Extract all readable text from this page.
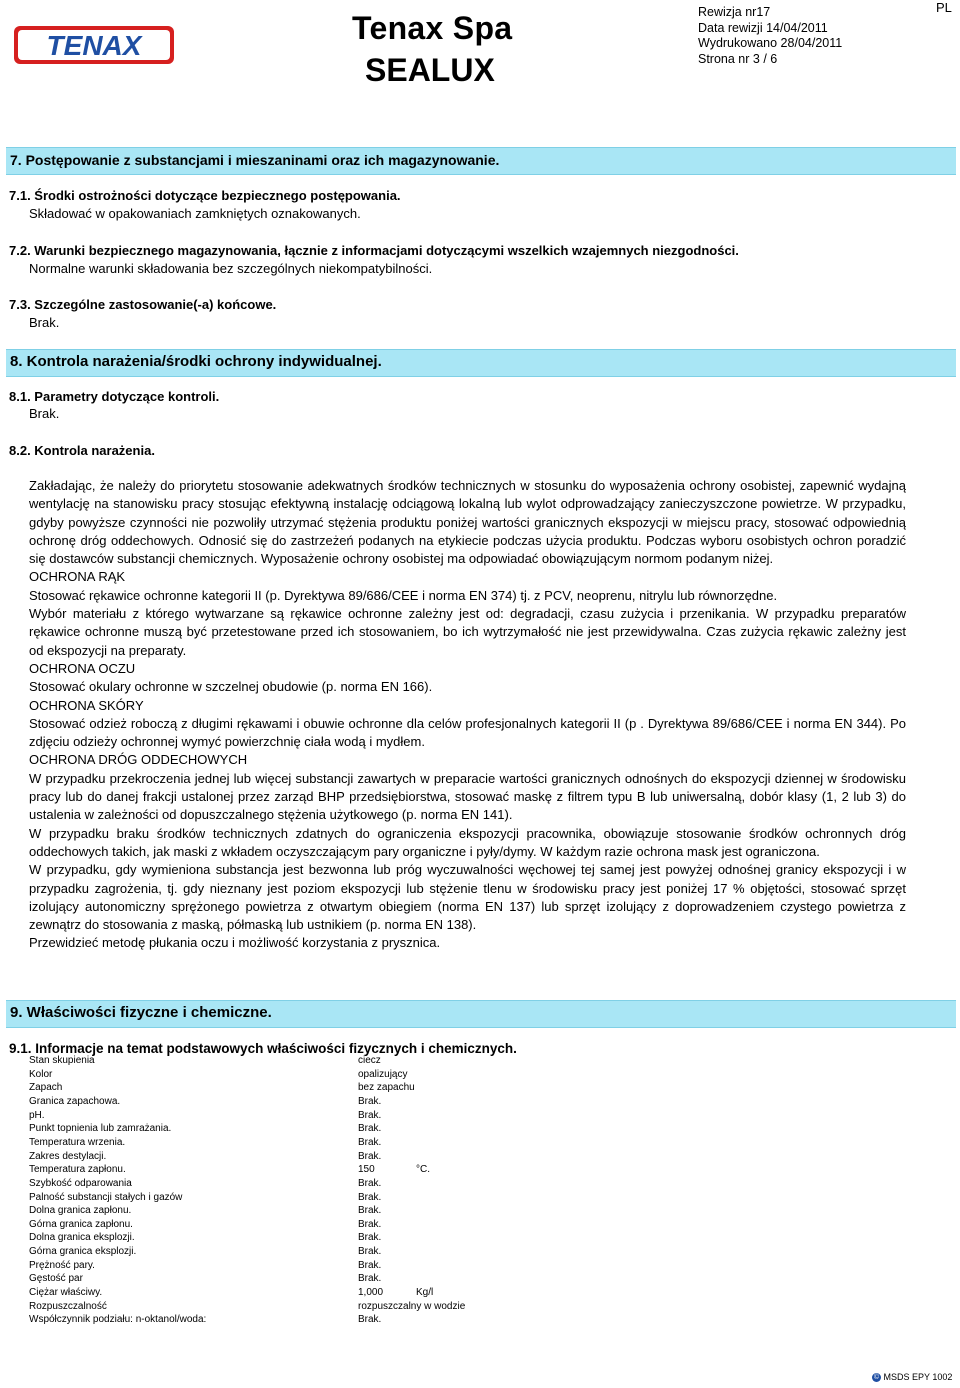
TENAX	Tenax Spa
SEALUX
Rewizja nr17
Data rewizji 14/04/2011
Wydrukowano 28/04/2011
Strona nr 3 / 6
PL
7. Postępowanie z substancjami i mieszaninami oraz ich magazynowanie.
7.1. Środki ostrożności dotyczące bezpiecznego postępowania.
Składować w opakowaniach zamkniętych oznakowanych.
7.2. Warunki bezpiecznego magazynowania, łącznie z informacjami dotyczącymi wszelkich wzajemnych niezgodności.
Normalne warunki składowania bez szczególnych niekompatybilności.
7.3. Szczególne zastosowanie(-a) końcowe.
Brak.
8. Kontrola narażenia/środki ochrony indywidualnej.
8.1. Parametry dotyczące kontroli.
Brak.
8.2. Kontrola narażenia.

Zakładając, że należy do priorytetu stosowanie adekwatnych środków technicznych w stosunku do wyposażenia ochrony osobistej, zapewnić wydajną wentylację na stanowisku pracy stosując efektywną instalację odciągową lokalną lub wylot odprowadzający zanieczyszczone powietrze. W przypadku, gdyby powyższe czynności nie pozwoliły utrzymać stężenia produktu poniżej wartości granicznych ekspozycji w miejscu pracy, stosować odpowiednią ochronę dróg oddechowych. Odnosić się do zastrzeżeń podanych na etykiecie podczas użycia produktu. Podczas wyboru osobistych ochron poradzić się dostawców substancji chemicznych. Wyposażenie ochrony osobistej ma odpowiadać obowiązującym normom podanym niżej.

OCHRONA RĄK

Stosować rękawice ochronne kategorii II (p. Dyrektywa 89/686/CEE i norma EN 374) tj. z PCV, neoprenu, nitrylu lub równorzędne.

Wybór materiału z którego wytwarzane są rękawice ochronne zależny jest od: degradacji, czasu zużycia i przenikania. W przypadku preparatów rękawice ochronne muszą być przetestowane przed ich stosowaniem, bo ich wytrzymałość nie jest przewidywalna. Czas zużycia rękawic zależny jest od ekspozycji na preparaty.

OCHRONA OCZU

Stosować okulary ochronne w szczelnej obudowie (p. norma EN 166).

OCHRONA SKÓRY

Stosować odzież roboczą z długimi rękawami i obuwie ochronne dla celów profesjonalnych kategorii II (p . Dyrektywa 89/686/CEE i norma EN 344). Po zdjęciu odzieży ochronnej wymyć powierzchnię ciała wodą i mydłem.

OCHRONA DRÓG ODDECHOWYCH

W przypadku przekroczenia jednej lub więcej substancji zawartych w preparacie wartości granicznych odnośnych do ekspozycji dziennej w środowisku pracy lub do danej frakcji ustalonej przez zarząd BHP przedsiębiorstwa, stosować maskę z filtrem typu B lub uniwersalną, dobór klasy (1, 2 lub 3) do ustalenia w zależności od dopuszczalnego stężenia użytkowego (p. norma EN 141).

W przypadku braku środków technicznych zdatnych do ograniczenia ekspozycji pracownika, obowiązuje stosowanie środków ochronnych dróg oddechowych takich, jak maski z wkładem oczyszczającym pary organiczne i pyły/dymy. W każdym razie ochrona mask jest ograniczona.

W przypadku, gdy wymieniona substancja jest bezwonna lub próg wyczuwalności węchowej tej samej jest powyżej odnośnej granicy ekspozycji i w przypadku zagrożenia, tj. gdy nieznany jest poziom ekspozycji lub stężenie tlenu w środowisku pracy jest poniżej 17 % objętości, stosować sprzęt izolujący autonomiczny sprężonego powietrza z otwartym obiegiem (norma EN 137) lub sprzęt izolujący z doprowadzeniem czystego powietrza z zewnątrz do stosowania z maską, półmaską lub ustnikiem (p. norma EN 138).

Przewidzieć metodę płukania oczu i możliwość korzystania z prysznica.

9. Właściwości fizyczne i chemiczne.
9.1. Informacje na temat podstawowych właściwości fizycznych i chemicznych.
Stan skupienia	ciecz
Kolor	opalizujący
Zapach	bez zapachu
Granica zapachowa.	Brak.
pH.	Brak.
Punkt topnienia lub zamrażania.	Brak.
Temperatura wrzenia.	Brak.
Zakres destylacji.	Brak.
Temperatura zapłonu.	150	°C.
Szybkość odparowania	Brak.
Palność substancji stałych i gazów	Brak.
Dolna granica zapłonu.	Brak.
Górna granica zapłonu.	Brak.
Dolna granica eksplozji.	Brak.
Górna granica eksplozji.	Brak.
Prężność pary.	Brak.
Gęstość par	Brak.
Ciężar właściwy.	1,000	Kg/l
Rozpuszczalność	rozpuszczalny w wodzie
Współczynnik podziału: n-oktanol/woda:	Brak.
© MSDS EPY 1002
